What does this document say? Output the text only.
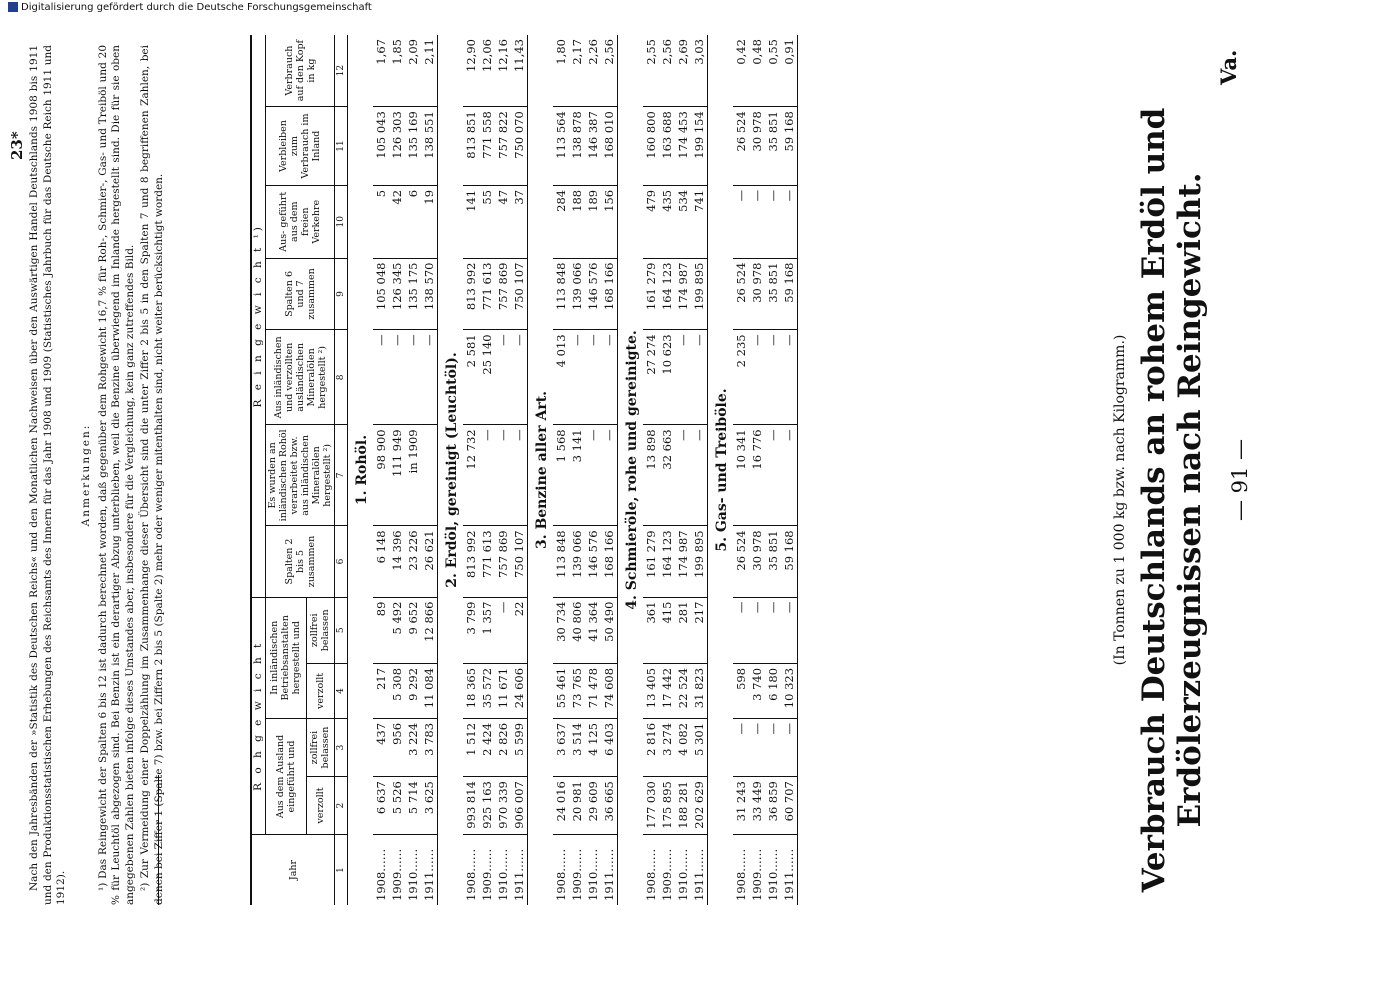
— 91 —
Va.
Verbrauch Deutschlands an rohem Erdöl und Erdölerzeugnissen nach Reingewicht.
(In Tonnen zu 1 000 kg bzw. nach Kilogramm.)
Jahr	R o h g e w i c h t				R e i n g e w i c h t ¹)						
	Aus dem Ausland eingeführt und		In inländischen Betriebsanstalten hergestellt und		Spalten 2 bis 5 zusammen	Es wurden an inländischen Rohöl verarbeitet bzw. aus inländischen Mineralölen hergestellt ²)	Aus inländischen und verzollten ausländischen Mineralölen hergestellt ²)	Spalten 6 und 7 zusammen	Aus- geführt aus dem freien Verkehre	Verbleiben zum Verbrauch im Inland	Verbrauch auf den Kopf in kg
	verzollt	zollfrei belassen	verzollt	zollfrei belassen							
1	2	3	4	5	6	7	8	9	10	11	12
1. Rohöl.											
1908……	6 637	437	217	89	6 148	98 900	—	105 048	5	105 043	1,67
1909……	5 526	956	5 308	5 492	14 396	111 949	—	126 345	42	126 303	1,85
1910……	5 714	3 224	9 292	9 652	23 226	in 1909	—	135 175	6	135 169	2,09
1911……	3 625	3 783	11 084	12 866	26 621		—	138 570	19	138 551	2,11
2. Erdöl, gereinigt (Leuchtöl).											
1908……	993 814	1 512	18 365	3 799	813 992	12 732	2 581	813 992	141	813 851	12,90
1909……	925 163	2 424	35 572	1 357	771 613	—	25 140	771 613	55	771 558	12,06
1910……	970 339	2 826	11 671	—	757 869	—	—	757 869	47	757 822	12,16
1911……	906 007	5 599	24 606	22	750 107	—	—	750 107	37	750 070	11,43
3. Benzine aller Art.											
1908……	24 016	3 637	55 461	30 734	113 848	1 568	4 013	113 848	284	113 564	1,80
1909……	20 981	3 514	73 765	40 806	139 066	3 141	—	139 066	188	138 878	2,17
1910……	29 609	4 125	71 478	41 364	146 576	—	—	146 576	189	146 387	2,26
1911……	36 665	6 403	74 608	50 490	168 166	—	—	168 166	156	168 010	2,56
4. Schmieröle, rohe und gereinigte.											
1908……	177 030	2 816	13 405	361	161 279	13 898	27 274	161 279	479	160 800	2,55
1909……	175 895	3 274	17 442	415	164 123	32 663	10 623	164 123	435	163 688	2,56
1910……	188 281	4 082	22 524	281	174 987	—	—	174 987	534	174 453	2,69
1911……	202 629	5 301	31 823	217	199 895	—	—	199 895	741	199 154	3,03
5. Gas- und Treiböle.											
1908……	31 243	—	598	—	26 524	10 341	2 235	26 524	—	26 524	0,42
1909……	33 449	—	3 740	—	30 978	16 776	—	30 978	—	30 978	0,48
1910……	36 859	—	6 180	—	35 851	—	—	35 851	—	35 851	0,55
1911……	60 707	—	10 323	—	59 168	—	—	59 168	—	59 168	0,91
Anmerkungen: ¹) Das Reingewicht der Spalten 6 bis 12 ist dadurch berechnet worden, daß gegenüber dem Rohgewicht 16,7 % für Roh-, Schmier-, Gas- und Treiböl und 20 % für Leuchtöl abgezogen sind. Bei Benzin ist ein derartiger Abzug unterblieben, weil die Benzine überwiegend im Inlande hergestellt sind. Die für sie oben angegebenen Zahlen bieten infolge dieses Umstandes aber, insbesondere für die Vergleichung, kein ganz zutreffendes Bild. ²) Zur Vermeidung einer Doppelzählung im Zusammenhange dieser Übersicht sind die unter Ziffer 2 bis 5 in den Spalten 7 und 8 begriffenen Zahlen, bei denen bei Ziffer 1 (Spalte 7) bzw. bei Ziffern 2 bis 5 (Spalte 2) mehr oder weniger mitenthalten sind, nicht weiter berücksichtigt worden.

Nach den Jahresbänden der »Statistik des Deutschen Reichs« und den Monatlichen Nachweisen über den Auswärtigen Handel Deutschlands 1908 bis 1911 und den Produktionsstatistischen Erhebungen des Reichsamts des Innern für das Jahr 1908 und 1909 (Statistisches Jahrbuch für das Deutsche Reich 1911 und 1912).
23*
Digitalisierung gefördert durch die Deutsche Forschungsgemeinschaft
